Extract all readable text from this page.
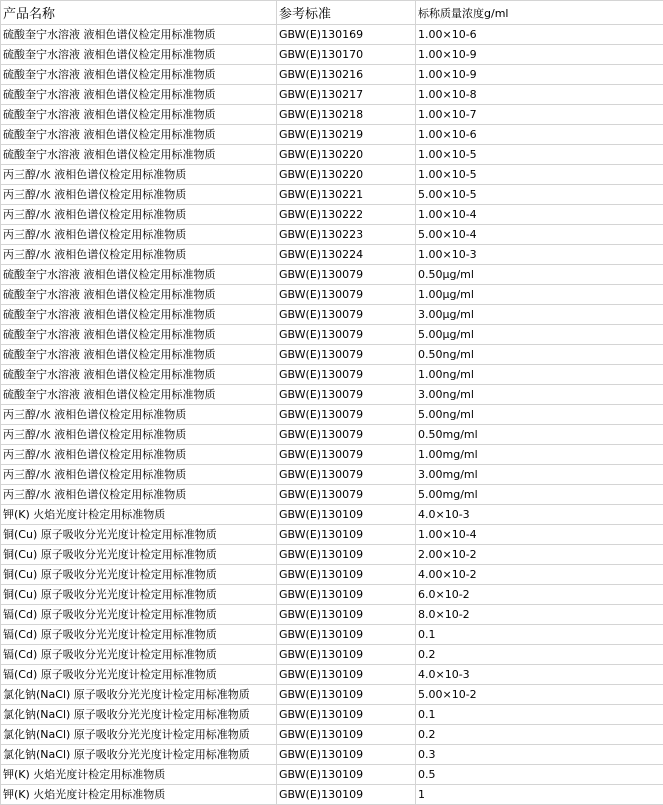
产品名称	参考标准	标称质量浓度g/ml
硫酸奎宁水溶液 液相色谱仪检定用标准物质	GBW(E)130169	1.00×10-6
硫酸奎宁水溶液 液相色谱仪检定用标准物质	GBW(E)130170	1.00×10-9
硫酸奎宁水溶液 液相色谱仪检定用标准物质	GBW(E)130216	1.00×10-9
硫酸奎宁水溶液 液相色谱仪检定用标准物质	GBW(E)130217	1.00×10-8
硫酸奎宁水溶液 液相色谱仪检定用标准物质	GBW(E)130218	1.00×10-7
硫酸奎宁水溶液 液相色谱仪检定用标准物质	GBW(E)130219	1.00×10-6
硫酸奎宁水溶液 液相色谱仪检定用标准物质	GBW(E)130220	1.00×10-5
丙三醇/水 液相色谱仪检定用标准物质	GBW(E)130220	1.00×10-5
丙三醇/水 液相色谱仪检定用标准物质	GBW(E)130221	5.00×10-5
丙三醇/水 液相色谱仪检定用标准物质	GBW(E)130222	1.00×10-4
丙三醇/水 液相色谱仪检定用标准物质	GBW(E)130223	5.00×10-4
丙三醇/水 液相色谱仪检定用标准物质	GBW(E)130224	1.00×10-3
硫酸奎宁水溶液 液相色谱仪检定用标准物质	GBW(E)130079	0.50μg/ml
硫酸奎宁水溶液 液相色谱仪检定用标准物质	GBW(E)130079	1.00μg/ml
硫酸奎宁水溶液 液相色谱仪检定用标准物质	GBW(E)130079	3.00μg/ml
硫酸奎宁水溶液 液相色谱仪检定用标准物质	GBW(E)130079	5.00μg/ml
硫酸奎宁水溶液 液相色谱仪检定用标准物质	GBW(E)130079	0.50ng/ml
硫酸奎宁水溶液 液相色谱仪检定用标准物质	GBW(E)130079	1.00ng/ml
硫酸奎宁水溶液 液相色谱仪检定用标准物质	GBW(E)130079	3.00ng/ml
丙三醇/水 液相色谱仪检定用标准物质	GBW(E)130079	5.00ng/ml
丙三醇/水 液相色谱仪检定用标准物质	GBW(E)130079	0.50mg/ml
丙三醇/水 液相色谱仪检定用标准物质	GBW(E)130079	1.00mg/ml
丙三醇/水 液相色谱仪检定用标准物质	GBW(E)130079	3.00mg/ml
丙三醇/水 液相色谱仪检定用标准物质	GBW(E)130079	5.00mg/ml
钾(K) 火焰光度计检定用标准物质	GBW(E)130109	4.0×10-3
铜(Cu) 原子吸收分光光度计检定用标准物质	GBW(E)130109	1.00×10-4
铜(Cu) 原子吸收分光光度计检定用标准物质	GBW(E)130109	2.00×10-2
铜(Cu) 原子吸收分光光度计检定用标准物质	GBW(E)130109	4.00×10-2
铜(Cu) 原子吸收分光光度计检定用标准物质	GBW(E)130109	6.0×10-2
镉(Cd) 原子吸收分光光度计检定用标准物质	GBW(E)130109	8.0×10-2
镉(Cd) 原子吸收分光光度计检定用标准物质	GBW(E)130109	0.1
镉(Cd) 原子吸收分光光度计检定用标准物质	GBW(E)130109	0.2
镉(Cd) 原子吸收分光光度计检定用标准物质	GBW(E)130109	4.0×10-3
氯化钠(NaCl) 原子吸收分光光度计检定用标准物质	GBW(E)130109	5.00×10-2
氯化钠(NaCl) 原子吸收分光光度计检定用标准物质	GBW(E)130109	0.1
氯化钠(NaCl) 原子吸收分光光度计检定用标准物质	GBW(E)130109	0.2
氯化钠(NaCl) 原子吸收分光光度计检定用标准物质	GBW(E)130109	0.3
钾(K) 火焰光度计检定用标准物质	GBW(E)130109	0.5
钾(K) 火焰光度计检定用标准物质	GBW(E)130109	1
